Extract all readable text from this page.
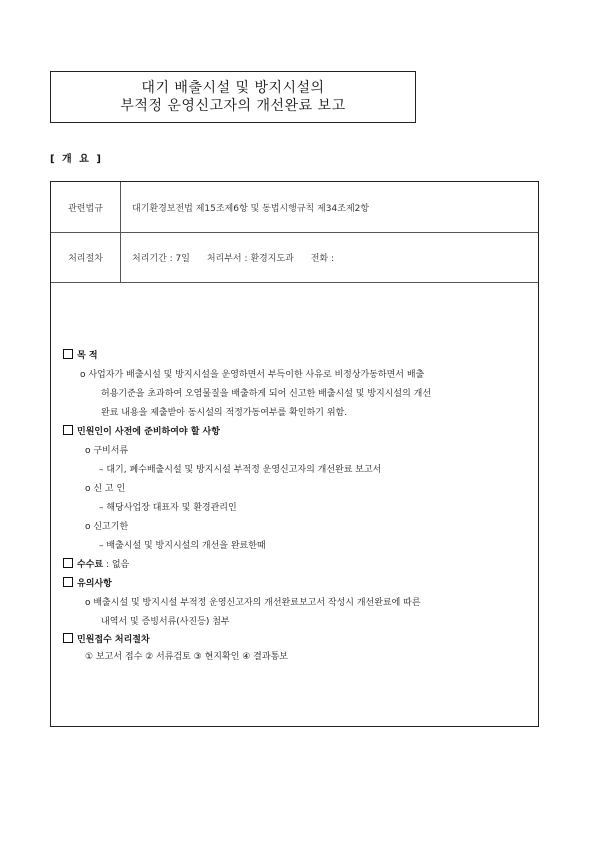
대기 배출시설 및 방지시설의
부적정 운영신고자의 개선완료 보고
[ 개 요 ]
관련법규	대기환경보전법 제15조제6항 및 동법시행규칙 제34조제2항
처리절차	처리기간 : 7일 처리부서 : 환경지도과 전화 :
목 적
o 사업자가 배출시설 및 방지시설을 운영하면서 부득이한 사유로 비정상가동하면서 배출
허용기준을 초과하여 오염물질을 배출하게 되어 신고한 배출시설 및 방지시설의 개선
완료 내용을 제출받아 동시설의 적정가동여부를 확인하기 위함.
민원인이 사전에 준비하여야 할 사항
o 구비서류
– 대기, 폐수배출시설 및 방지시설 부적정 운영신고자의 개선완료 보고서
o 신 고 인
– 해당사업장 대표자 및 환경관리인
o 신고기한
– 배출시설 및 방지시설의 개선을 완료한때
수수료 : 없음
유의사항
o 배출시설 및 방지시설 부적정 운영신고자의 개선완료보고서 작성시 개선완료에 따른
내역서 및 증빙서류(사진등) 첨부
민원접수 처리절차
① 보고서 접수 ② 서류검토 ③ 현지확인 ④ 결과통보
